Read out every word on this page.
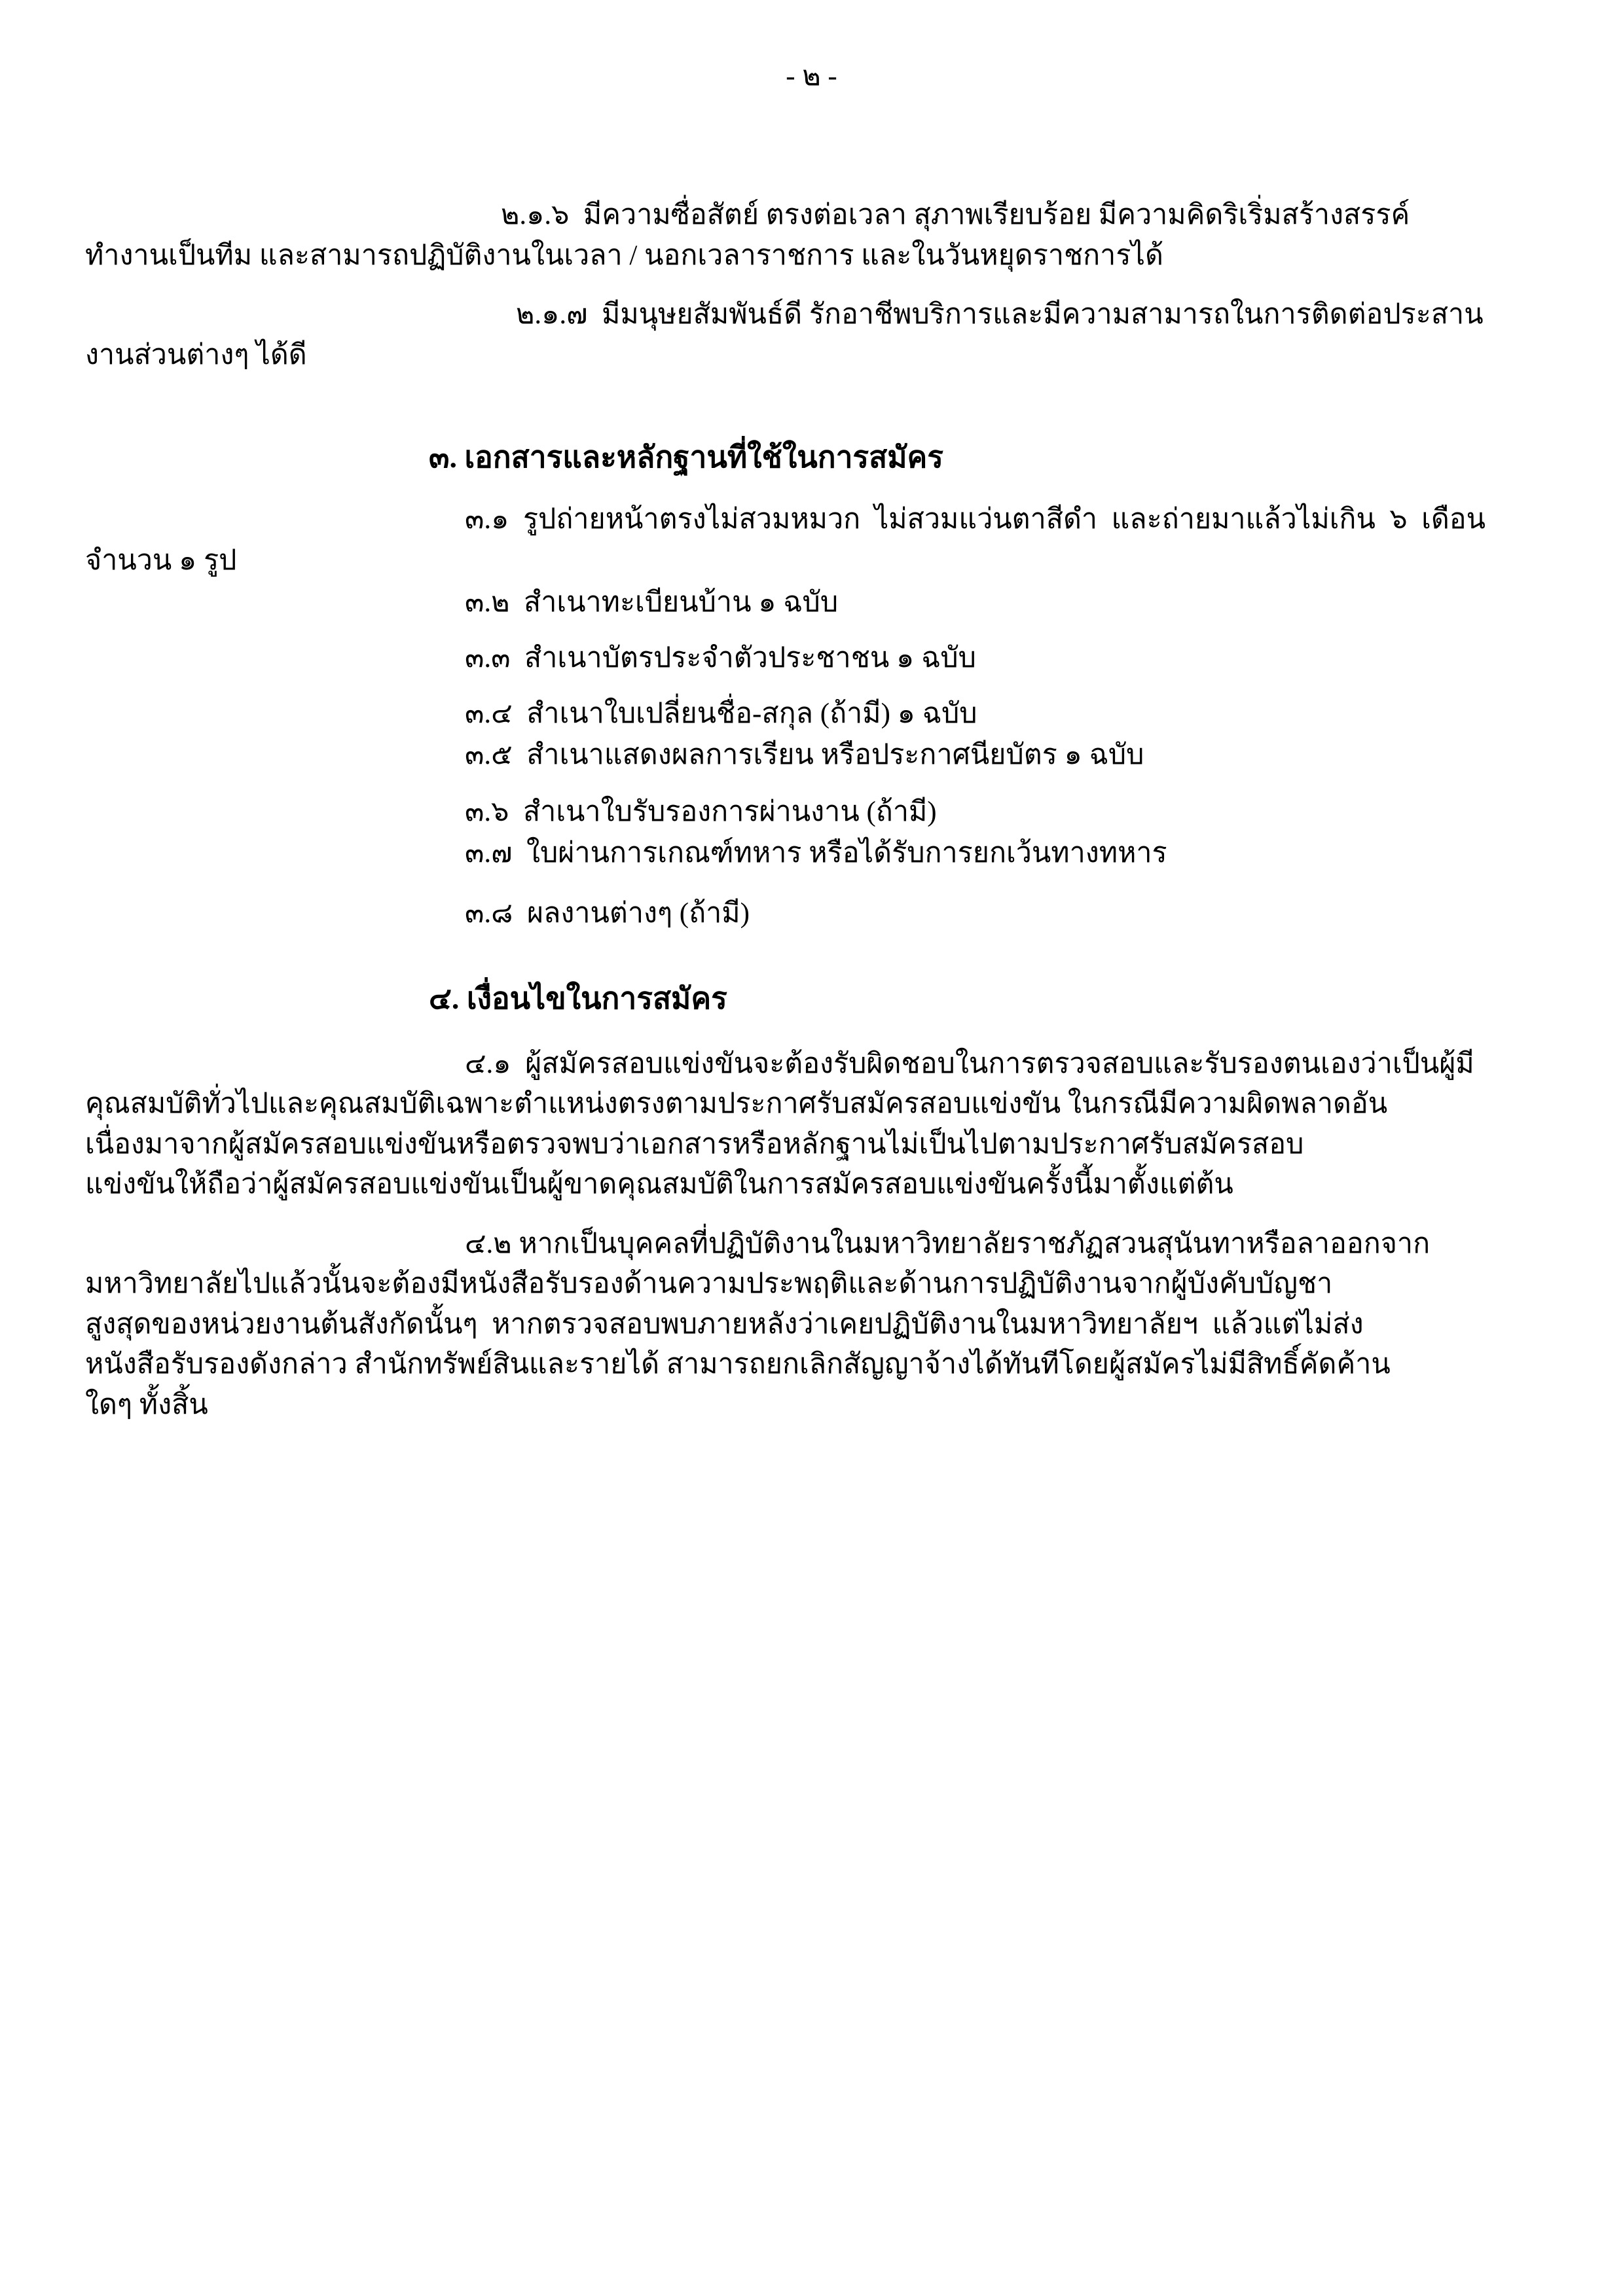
- ๒ -
๒.๑.๖  มีความซื่อสัตย์ ตรงต่อเวลา สุภาพเรียบร้อย มีความคิดริเริ่มสร้างสรรค์
ทำงานเป็นทีม และสามารถปฏิบัติงานในเวลา / นอกเวลาราชการ และในวันหยุดราชการได้
๒.๑.๗  มีมนุษยสัมพันธ์ดี รักอาชีพบริการและมีความสามารถในการติดต่อประสาน
งานส่วนต่างๆ ได้ดี
๓. เอกสารและหลักฐานที่ใช้ในการสมัคร
๓.๑  รูปถ่ายหน้าตรงไม่สวมหมวก  ไม่สวมแว่นตาสีดำ  และถ่ายมาแล้วไม่เกิน  ๖  เดือน
จำนวน ๑ รูป
๓.๒  สำเนาทะเบียนบ้าน ๑ ฉบับ
๓.๓  สำเนาบัตรประจำตัวประชาชน ๑ ฉบับ
๓.๔  สำเนาใบเปลี่ยนชื่อ-สกุล (ถ้ามี) ๑ ฉบับ
๓.๕  สำเนาแสดงผลการเรียน หรือประกาศนียบัตร ๑ ฉบับ
๓.๖  สำเนาใบรับรองการผ่านงาน (ถ้ามี)
๓.๗  ใบผ่านการเกณฑ์ทหาร หรือได้รับการยกเว้นทางทหาร
๓.๘  ผลงานต่างๆ (ถ้ามี)
๔. เงื่อนไขในการสมัคร
๔.๑  ผู้สมัครสอบแข่งขันจะต้องรับผิดชอบในการตรวจสอบและรับรองตนเองว่าเป็นผู้มี
คุณสมบัติทั่วไปและคุณสมบัติเฉพาะตำแหน่งตรงตามประกาศรับสมัครสอบแข่งขัน ในกรณีมีความผิดพลาดอัน
เนื่องมาจากผู้สมัครสอบแข่งขันหรือตรวจพบว่าเอกสารหรือหลักฐานไม่เป็นไปตามประกาศรับสมัครสอบ
แข่งขันให้ถือว่าผู้สมัครสอบแข่งขันเป็นผู้ขาดคุณสมบัติในการสมัครสอบแข่งขันครั้งนี้มาตั้งแต่ต้น
๔.๒ หากเป็นบุคคลที่ปฏิบัติงานในมหาวิทยาลัยราชภัฏสวนสุนันทาหรือลาออกจาก
มหาวิทยาลัยไปแล้วนั้นจะต้องมีหนังสือรับรองด้านความประพฤติและด้านการปฏิบัติงานจากผู้บังคับบัญชา
สูงสุดของหน่วยงานต้นสังกัดนั้นๆ  หากตรวจสอบพบภายหลังว่าเคยปฏิบัติงานในมหาวิทยาลัยฯ  แล้วแต่ไม่ส่ง
หนังสือรับรองดังกล่าว สำนักทรัพย์สินและรายได้ สามารถยกเลิกสัญญาจ้างได้ทันทีโดยผู้สมัครไม่มีสิทธิ์คัดค้าน
ใดๆ ทั้งสิ้น
